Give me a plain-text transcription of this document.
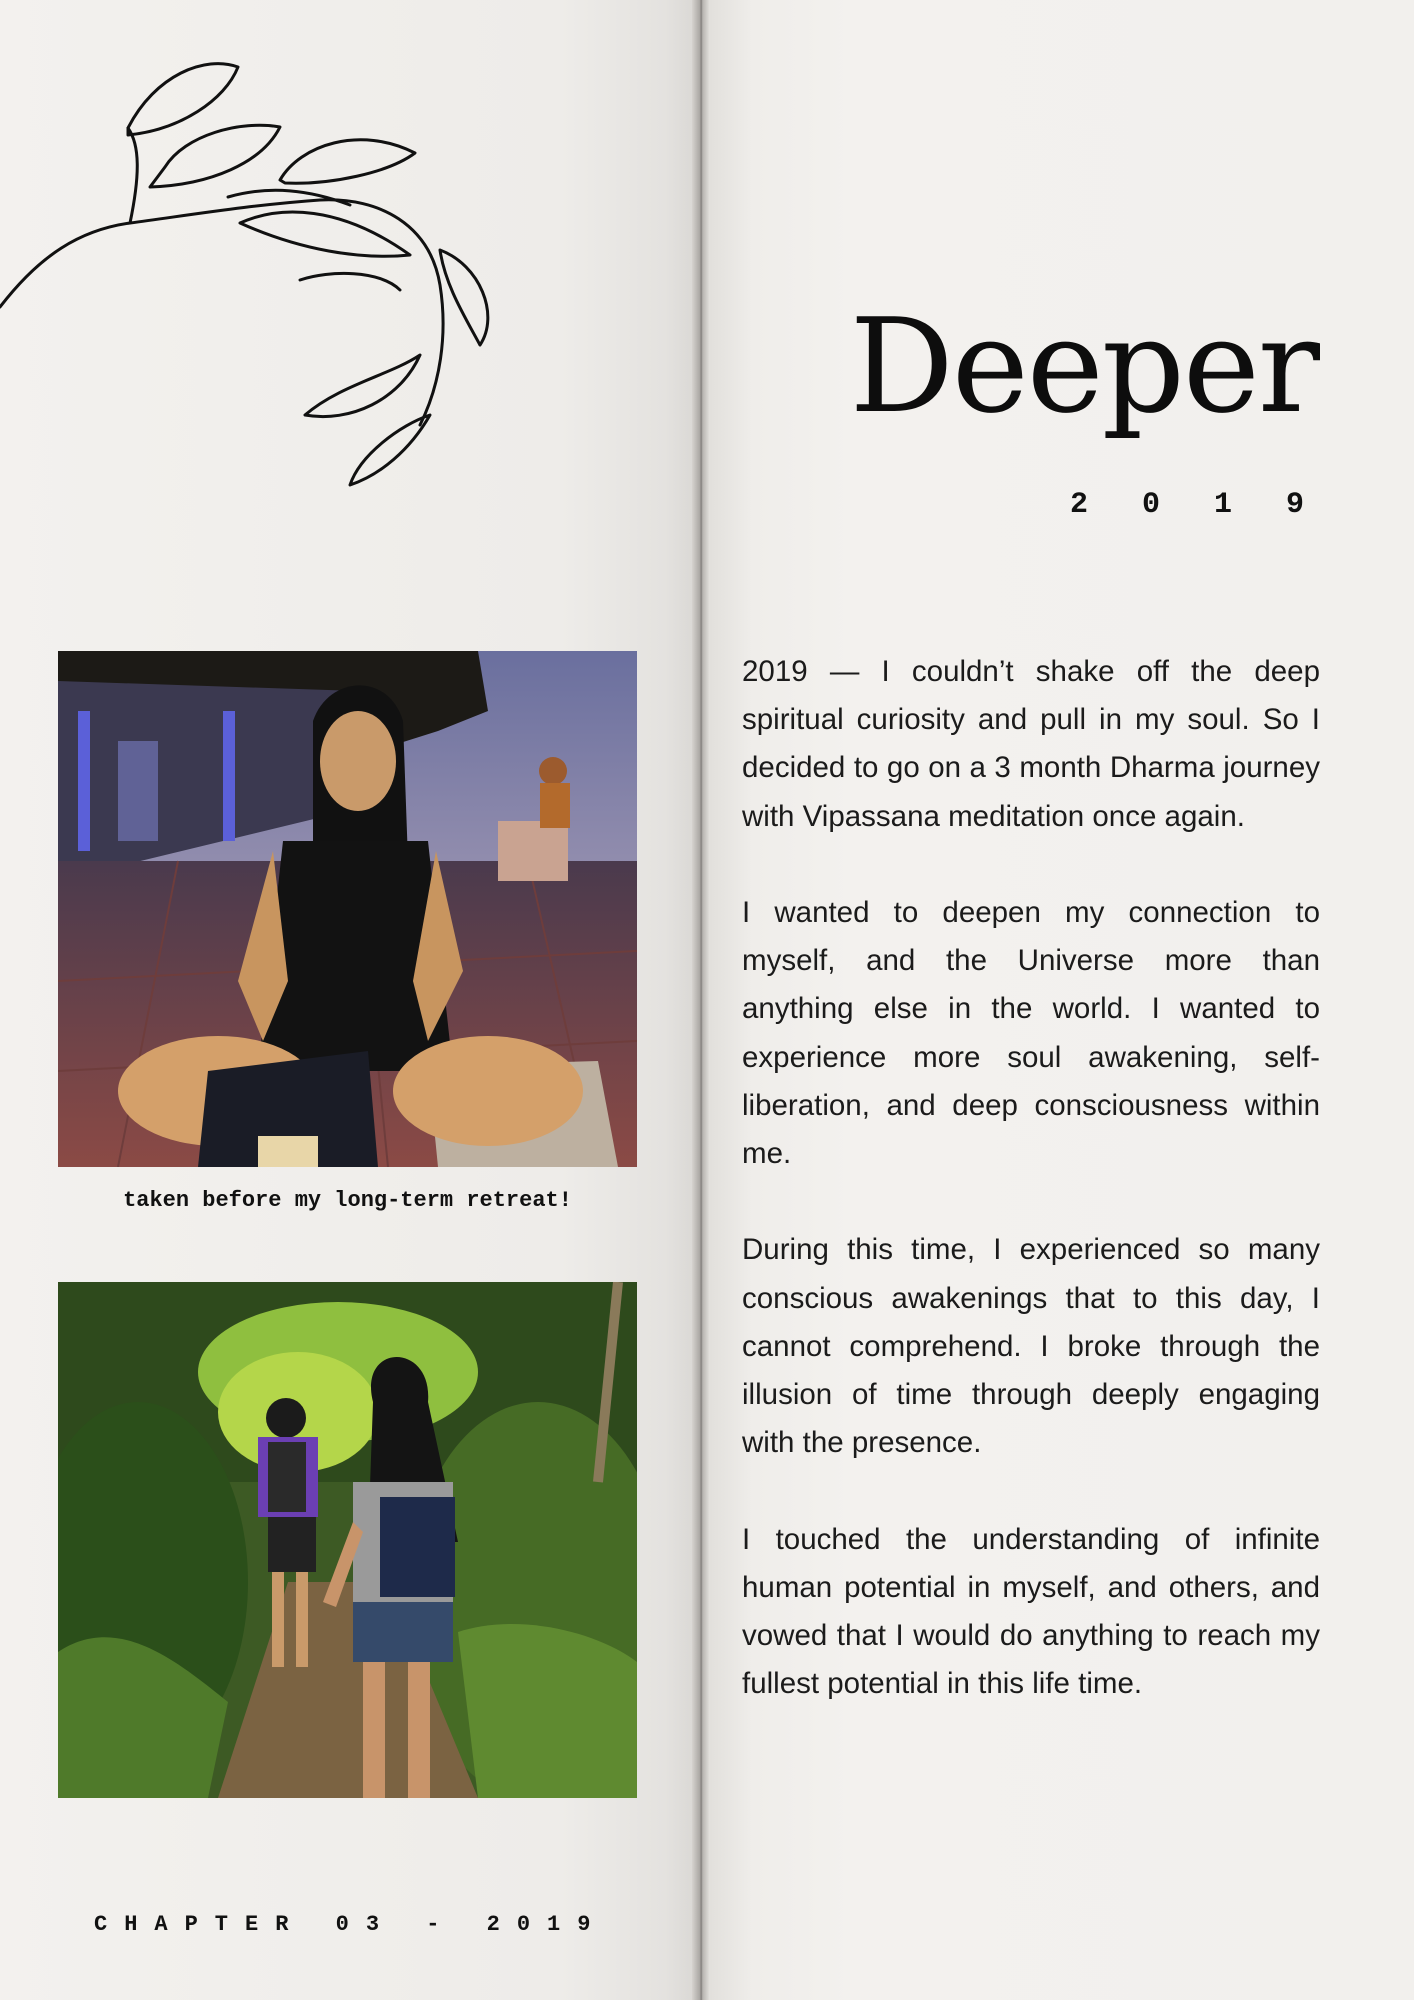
taken before my long-term retreat!
CHAPTER 03 - 2019
Deeper
2 0 1 9

2019 — I couldn’t shake off the deep spiritual curiosity and pull in my soul. So I decided to go on a 3 month Dharma journey with Vipassana meditation once again.

I wanted to deepen my connection to myself, and the Universe more than anything else in the world. I wanted to experience more soul awakening, self-liberation, and deep consciousness within me.

During this time, I experienced so many conscious awakenings that to this day, I cannot comprehend. I broke through the illusion of time through deeply engaging with the presence.

I touched the understanding of infinite human potential in myself, and others, and vowed that I would do anything to reach my fullest potential in this life time.
